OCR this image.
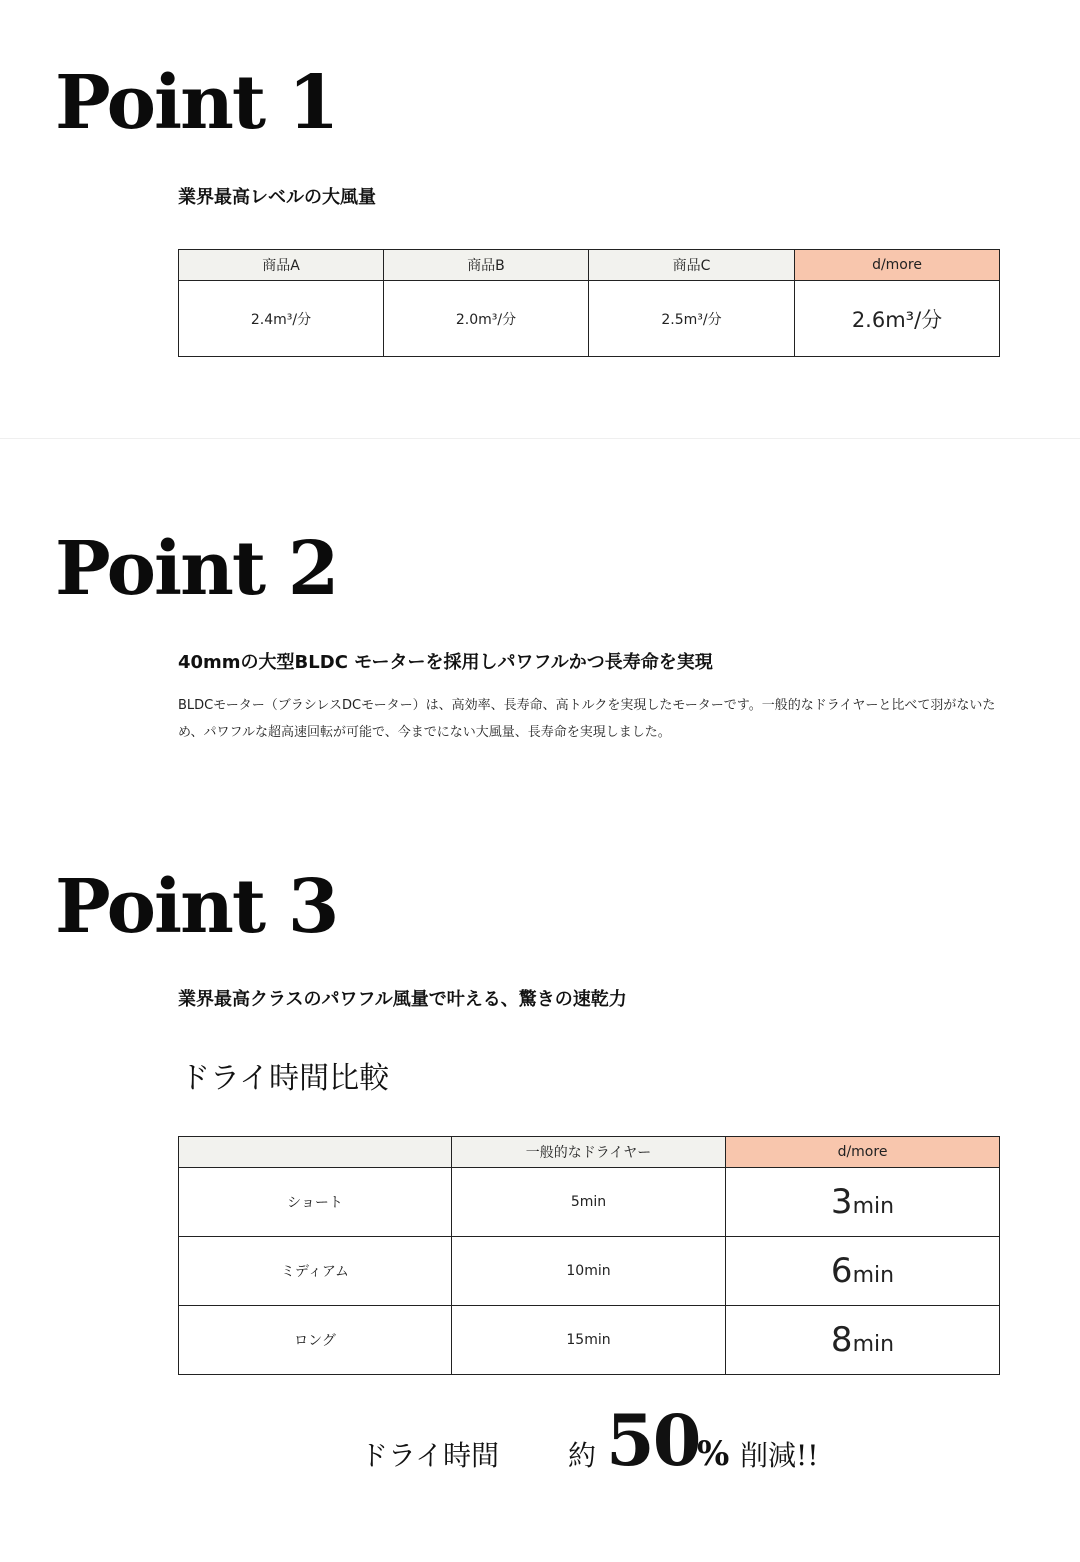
Point 1
業界最高レベルの大風量
商品A	商品B	商品C	d/more
2.4m³/分	2.0m³/分	2.5m³/分	2.6m³/分
Point 2
40mmの大型BLDC モーターを採用しパワフルかつ長寿命を実現
BLDCモーター（ブラシレスDCモーター）は、高効率、長寿命、高トルクを実現したモーターです。一般的なドライヤーと比べて羽がないため、パワフルな超高速回転が可能で、今までにない大風量、長寿命を実現しました。
Point 3
業界最高クラスのパワフル風量で叶える、驚きの速乾力
ドライ時間比較
	一般的なドライヤー	d/more
ショート	5min	3min
ミディアム	10min	6min
ロング	15min	8min
ドライ時間 約 50
% 削減!!
